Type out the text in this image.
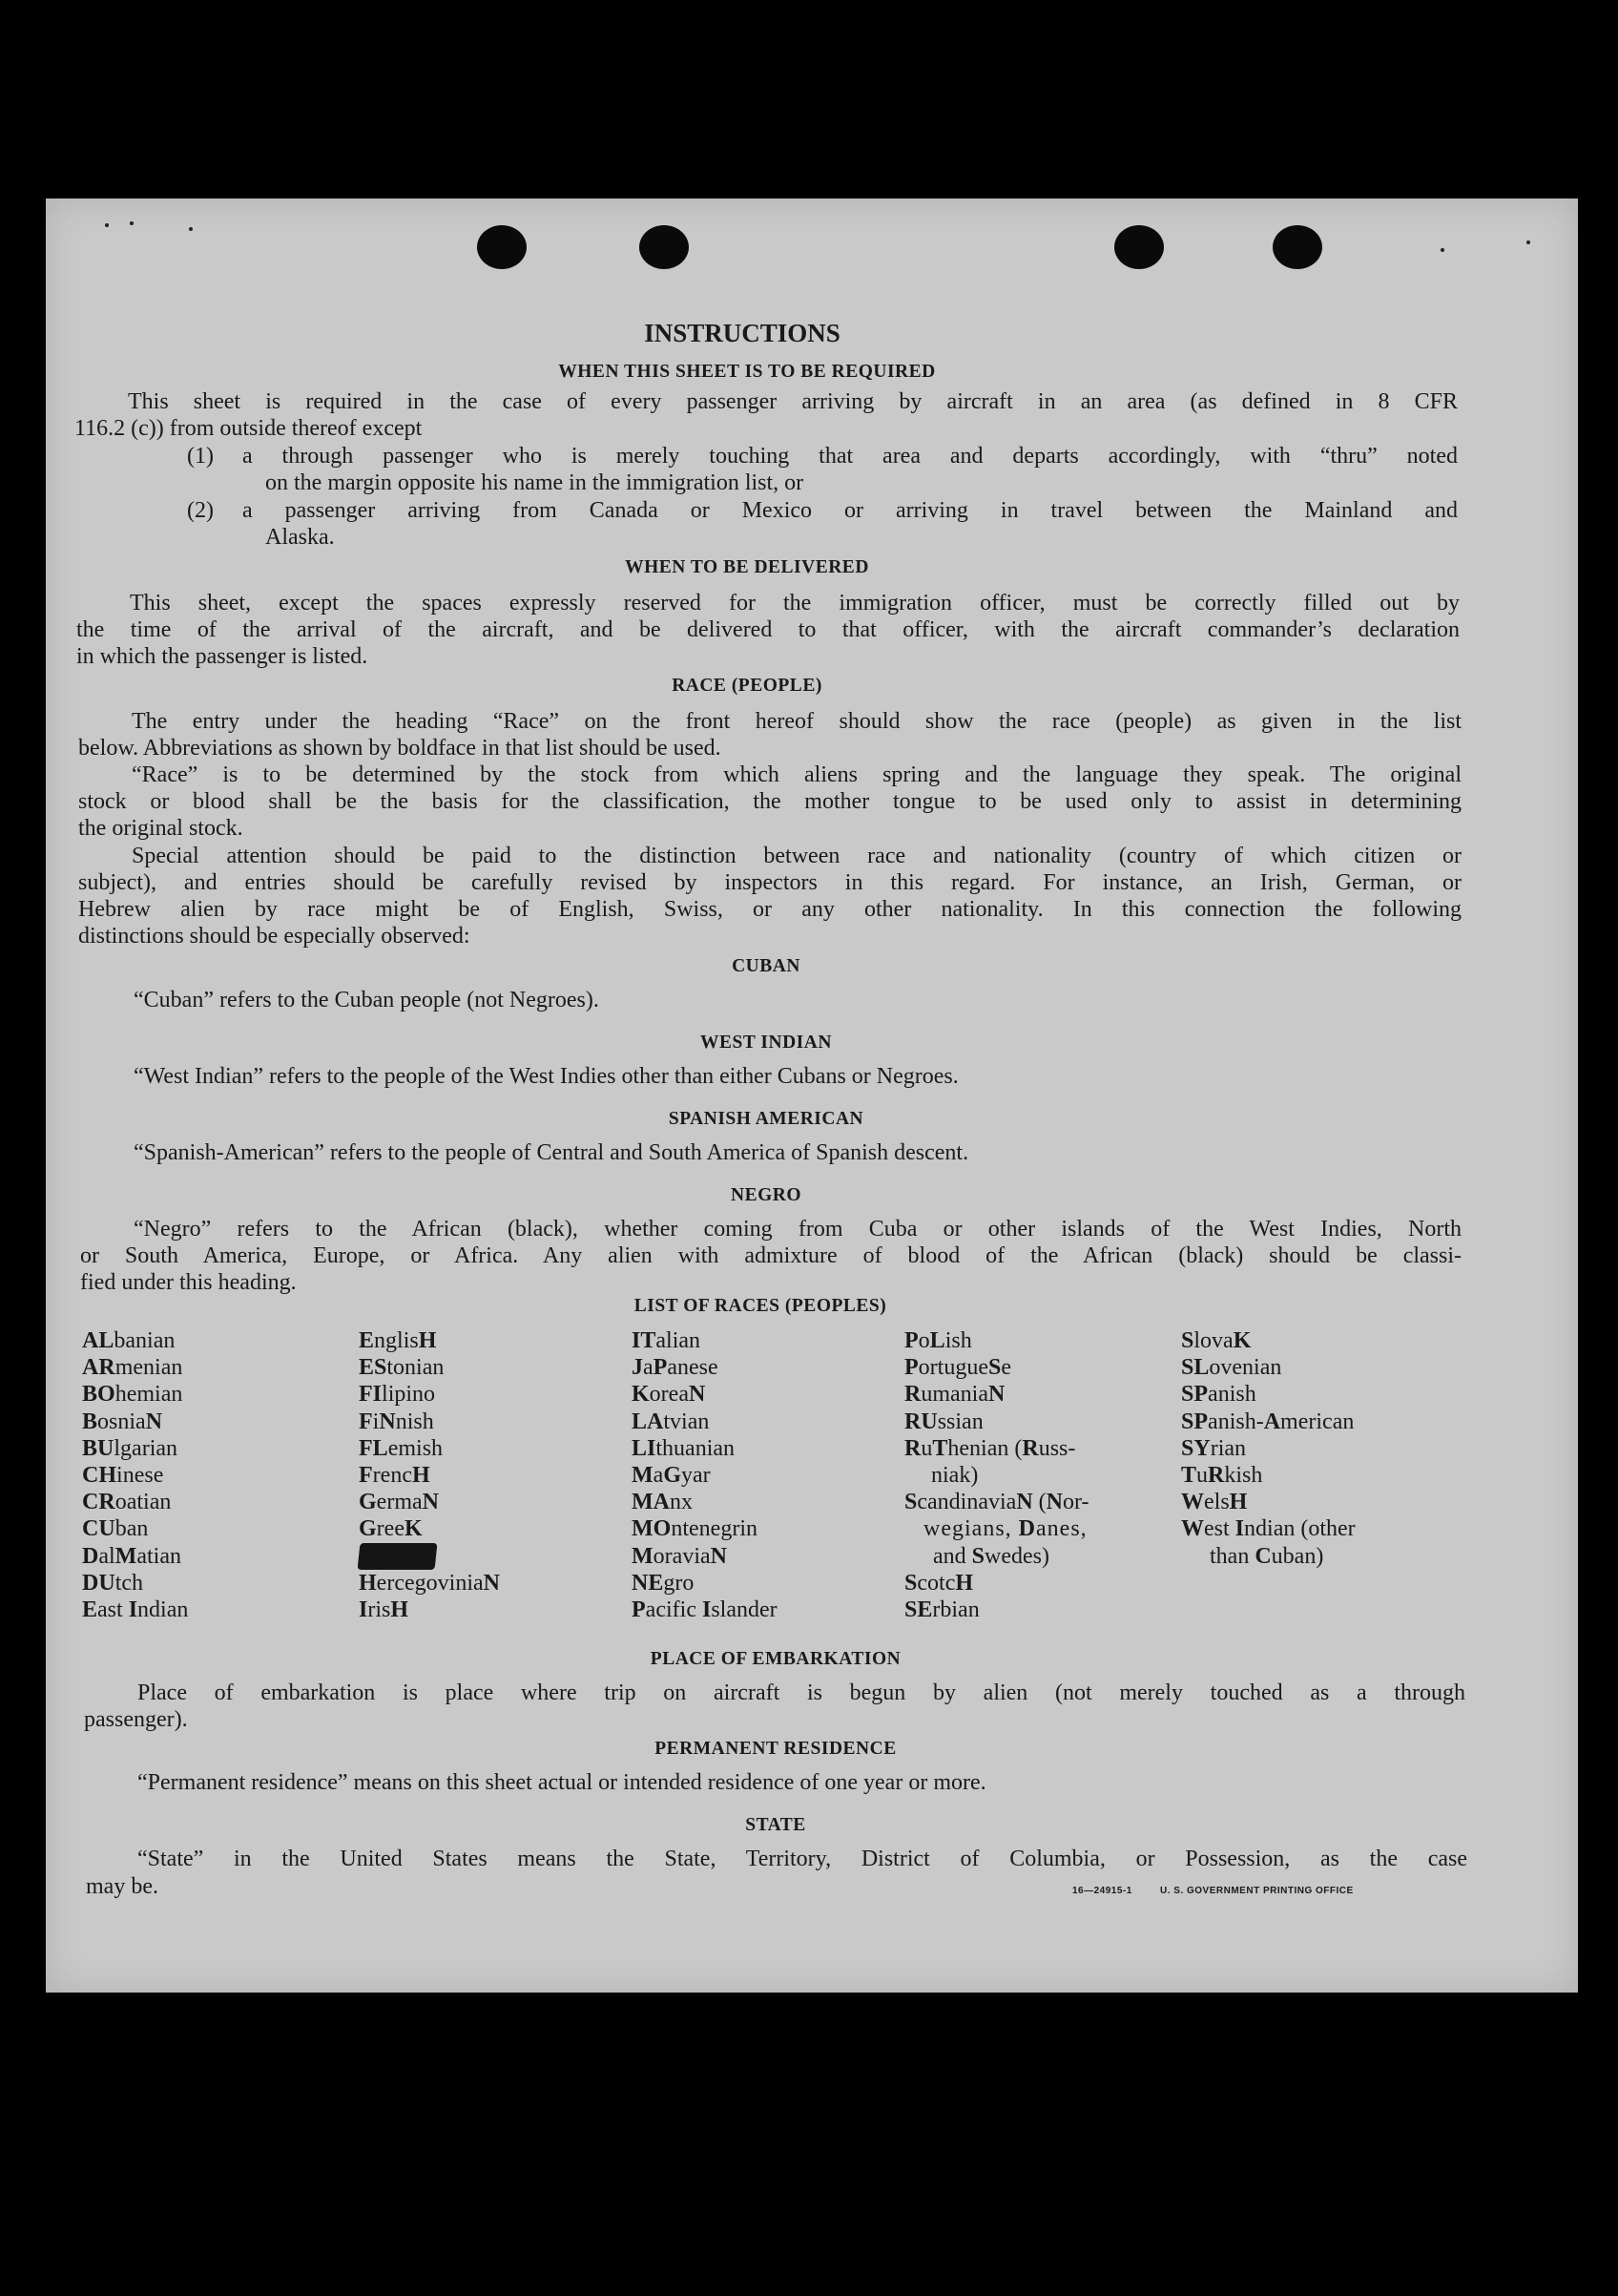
INSTRUCTIONS
WHEN THIS SHEET IS TO BE REQUIRED
This sheet is required in the case of every passenger arriving by aircraft in an area (as defined in 8 CFR
116.2 (c)) from outside thereof except
(1) a through passenger who is merely touching that area and departs accordingly, with “thru” noted
on the margin opposite his name in the immigration list, or
(2) a passenger arriving from Canada or Mexico or arriving in travel between the Mainland and
Alaska.
WHEN TO BE DELIVERED
This sheet, except the spaces expressly reserved for the immigration officer, must be correctly filled out by
the time of the arrival of the aircraft, and be delivered to that officer, with the aircraft commander’s declaration
in which the passenger is listed.
RACE (PEOPLE)
The entry under the heading “Race” on the front hereof should show the race (people) as given in the list
below. Abbreviations as shown by boldface in that list should be used.
“Race” is to be determined by the stock from which aliens spring and the language they speak. The original
stock or blood shall be the basis for the classification, the mother tongue to be used only to assist in determining
the original stock.
Special attention should be paid to the distinction between race and nationality (country of which citizen or
subject), and entries should be carefully revised by inspectors in this regard. For instance, an Irish, German, or
Hebrew alien by race might be of English, Swiss, or any other nationality. In this connection the following
distinctions should be especially observed:
CUBAN
“Cuban” refers to the Cuban people (not Negroes).
WEST INDIAN
“West Indian” refers to the people of the West Indies other than either Cubans or Negroes.
SPANISH AMERICAN
“Spanish-American” refers to the people of Central and South America of Spanish descent.
NEGRO
“Negro” refers to the African (black), whether coming from Cuba or other islands of the West Indies, North
or South America, Europe, or Africa. Any alien with admixture of blood of the African (black) should be classi-
fied under this heading.
LIST OF RACES (PEOPLES)
ALbanian
ARmenian
BOhemian
BosniaN
BUlgarian
CHinese
CRoatian
CUban
DalMatian
DUtch
East Indian
EnglisH
EStonian
FIlipino
FiNnish
FLemish
FrencH
GermaN
GreeK
HercegoviniaN
IrisH
ITalian
JaPanese
KoreaN
LAtvian
LIthuanian
MaGyar
MAnx
MOntenegrin
MoraviaN
NEgro
Pacific Islander
PoLish
PortugueSe
RumaniaN
RUssian
RuThenian (Russ-
niak)
ScandinaviaN (Nor-
wegians, Danes,
and Swedes)
ScotcH
SErbian
SlovaK
SLovenian
SPanish
SPanish-American
SYrian
TuRkish
WelsH
West Indian (other
than Cuban)
PLACE OF EMBARKATION
Place of embarkation is place where trip on aircraft is begun by alien (not merely touched as a through
passenger).
PERMANENT RESIDENCE
“Permanent residence” means on this sheet actual or intended residence of one year or more.
STATE
“State” in the United States means the State, Territory, District of Columbia, or Possession, as the case
may be.	16—24915-1	U. S. GOVERNMENT PRINTING OFFICE
